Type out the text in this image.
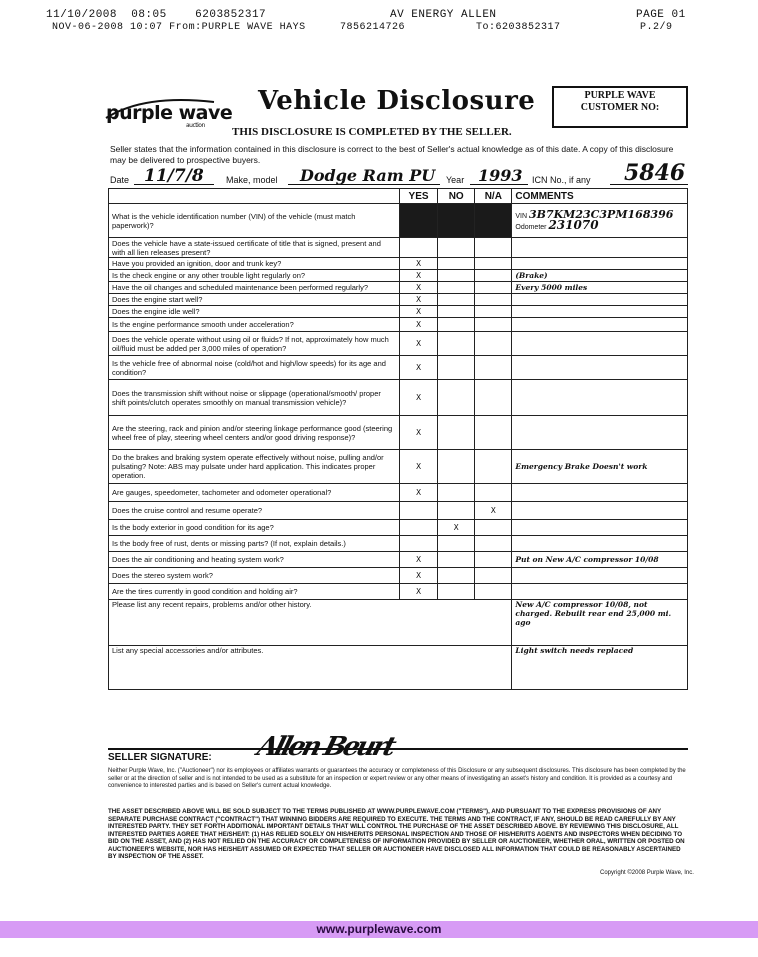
11/10/2008 08:05	6203852317	AV ENERGY ALLEN	PAGE 01
NOV-06-2008 10:07 From:PURPLE WAVE HAYS	7856214726	To:6203852317	P.2/9
purple wave
auction
Vehicle Disclosure
THIS DISCLOSURE IS COMPLETED BY THE SELLER.
PURPLE WAVE
CUSTOMER NO:
Seller states that the information contained in this disclosure is correct to the best of Seller's actual knowledge as of this date. A copy of this disclosure may be delivered to prospective buyers.
Date 11/7/8 Make, model Dodge Ram PU Year 1993 ICN No., if any 5846
	YES	NO	N/A	COMMENTS
What is the vehicle identification number (VIN) of the vehicle (must match paperwork)?				VIN 3B7KM23C3PM168396
Odometer 231070

Does the vehicle have a state-issued certificate of title that is signed, present and with all lien releases present?				
Have you provided an ignition, door and trunk key?	X			
Is the check engine or any other trouble light regularly on?	X			(Brake)
Have the oil changes and scheduled maintenance been performed regularly?	X			Every 5000 miles
Does the engine start well?	X			
Does the engine idle well?	X			
Is the engine performance smooth under acceleration?	X			
Does the vehicle operate without using oil or fluids? If not, approximately how much oil/fluid must be added per 3,000 miles of operation?	X			
Is the vehicle free of abnormal noise (cold/hot and high/low speeds) for its age and condition?	X			
Does the transmission shift without noise or slippage (operational/smooth/ proper shift points/clutch operates smoothly on manual transmission vehicle)?	X			
Are the steering, rack and pinion and/or steering linkage performance good (steering wheel free of play, steering wheel centers and/or good driving response)?	X			
Do the brakes and braking system operate effectively without noise, pulling and/or pulsating? Note: ABS may pulsate under hard application. This indicates proper operation.	X			Emergency Brake Doesn't work
Are gauges, speedometer, tachometer and odometer operational?	X			
Does the cruise control and resume operate?			X	
Is the body exterior in good condition for its age?		X		
Is the body free of rust, dents or missing parts? (If not, explain details.)				
Does the air conditioning and heating system work?	X			Put on New A/C compressor 10/08
Does the stereo system work?	X			
Are the tires currently in good condition and holding air?	X			
Please list any recent repairs, problems and/or other history.				New A/C compressor 10/08, not charged. Rebuilt rear end 25,000 mi. ago
List any special accessories and/or attributes.				Light switch needs replaced
SELLER SIGNATURE: Allen Beurt
Neither Purple Wave, Inc. ("Auctioneer") nor its employees or affiliates warrants or guarantees the accuracy or completeness of this Disclosure or any subsequent disclosures. This disclosure has been completed by the seller or at the direction of seller and is not intended to be used as a substitute for an inspection or expert review or any other means of investigating an asset's history and condition. It is provided as a courtesy and convenience to interested parties and is based on Seller's current actual knowledge.
THE ASSET DESCRIBED ABOVE WILL BE SOLD SUBJECT TO THE TERMS PUBLISHED AT WWW.PURPLEWAVE.COM ("TERMS"), AND PURSUANT TO THE EXPRESS PROVISIONS OF ANY SEPARATE PURCHASE CONTRACT ("CONTRACT") THAT WINNING BIDDERS ARE REQUIRED TO EXECUTE. THE TERMS AND THE CONTRACT, IF ANY, SHOULD BE READ CAREFULLY BY ANY INTERESTED PARTY. THEY SET FORTH ADDITIONAL IMPORTANT DETAILS THAT WILL CONTROL THE PURCHASE OF THE ASSET DESCRIBED ABOVE. BY REVIEWING THIS DISCLOSURE, ALL INTERESTED PARTIES AGREE THAT HE/SHE/IT: (1) HAS RELIED SOLELY ON HIS/HER/ITS PERSONAL INSPECTION AND THOSE OF HIS/HER/ITS AGENTS AND INSPECTORS WHEN DECIDING TO BID ON THE ASSET, AND (2) HAS NOT RELIED ON THE ACCURACY OR COMPLETENESS OF INFORMATION PROVIDED BY SELLER OR AUCTIONEER, WHETHER ORAL, WRITTEN OR POSTED ON AUCTIONEER'S WEBSITE, NOR HAS HE/SHE/IT ASSUMED OR EXPECTED THAT SELLER OR AUCTIONEER HAVE DISCLOSED ALL INFORMATION THAT COULD BE REASONABLY ASCERTAINED BY INSPECTION OF THE ASSET.
Copyright ©2008 Purple Wave, Inc.
www.purplewave.com
